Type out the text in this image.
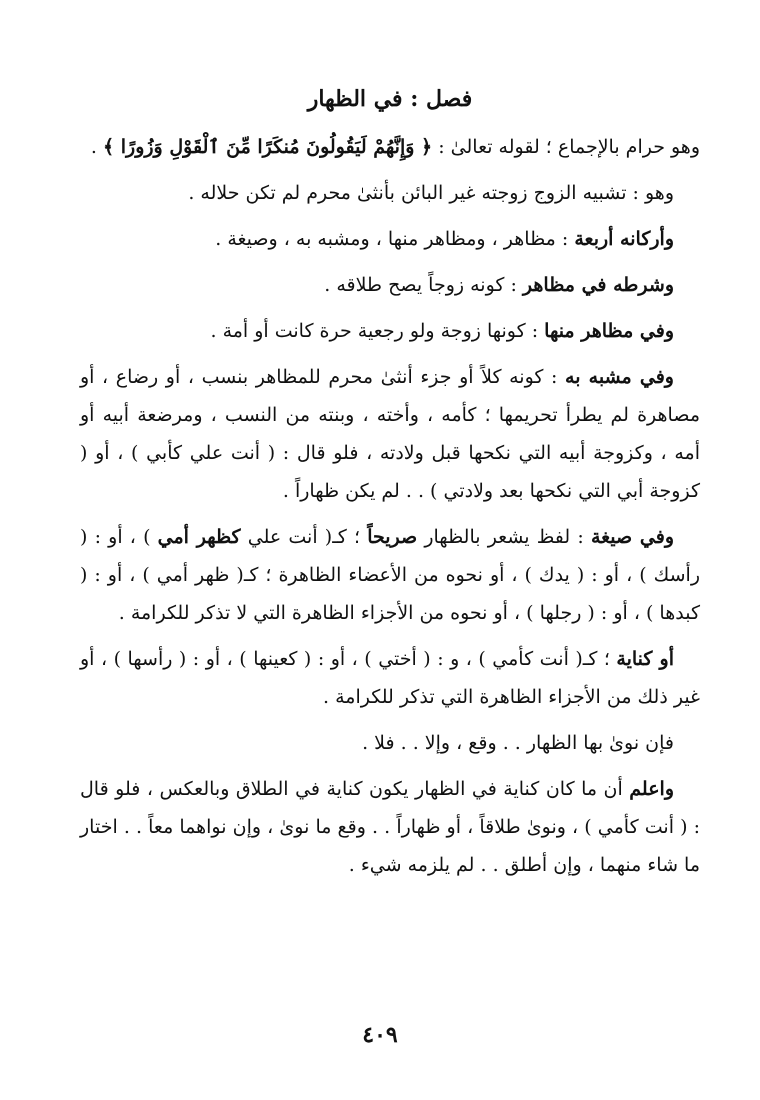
فصل : في الظهار

وهو حرام بالإجماع ؛ لقوله تعالىٰ : ﴿ وَإِنَّهُمْ لَيَقُولُونَ مُنكَرًا مِّنَ ٱلْقَوْلِ وَزُورًا ﴾ .

وهو : تشبيه الزوج زوجته غير البائن بأنثىٰ محرم لم تكن حلاله .

وأركانه أربعة : مظاهر ، ومظاهر منها ، ومشبه به ، وصيغة .

وشرطه في مظاهر : كونه زوجاً يصح طلاقه .

وفي مظاهر منها : كونها زوجة ولو رجعية حرة كانت أو أمة .

وفي مشبه به : كونه كلاً أو جزء أنثىٰ محرم للمظاهر بنسب ، أو رضاع ، أو مصاهرة لم يطرأ تحريمها ؛ كأمه ، وأخته ، وبنته من النسب ، ومرضعة أبيه أو أمه ، وكزوجة أبيه التي نكحها قبل ولادته ، فلو قال : ( أنت علي كأبي ) ، أو ( كزوجة أبي التي نكحها بعد ولادتي ) . . لم يكن ظهاراً .

وفي صيغة : لفظ يشعر بالظهار صريحاً ؛ كـ( أنت علي كظهر أمي ) ، أو : ( رأسك ) ، أو : ( يدك ) ، أو نحوه من الأعضاء الظاهرة ؛ كـ( ظهر أمي ) ، أو : ( كبدها ) ، أو : ( رجلها ) ، أو نحوه من الأجزاء الظاهرة التي لا تذكر للكرامة .

أو كناية ؛ كـ( أنت كأمي ) ، و : ( أختي ) ، أو : ( كعينها ) ، أو : ( رأسها ) ، أو غير ذلك من الأجزاء الظاهرة التي تذكر للكرامة .

فإن نوىٰ بها الظهار . . وقع ، وإلا . . فلا .

واعلم أن ما كان كناية في الظهار يكون كناية في الطلاق وبالعكس ، فلو قال : ( أنت كأمي ) ، ونوىٰ طلاقاً ، أو ظهاراً . . وقع ما نوىٰ ، وإن نواهما معاً . . اختار ما شاء منهما ، وإن أطلق . . لم يلزمه شيء .

٤٠٩
